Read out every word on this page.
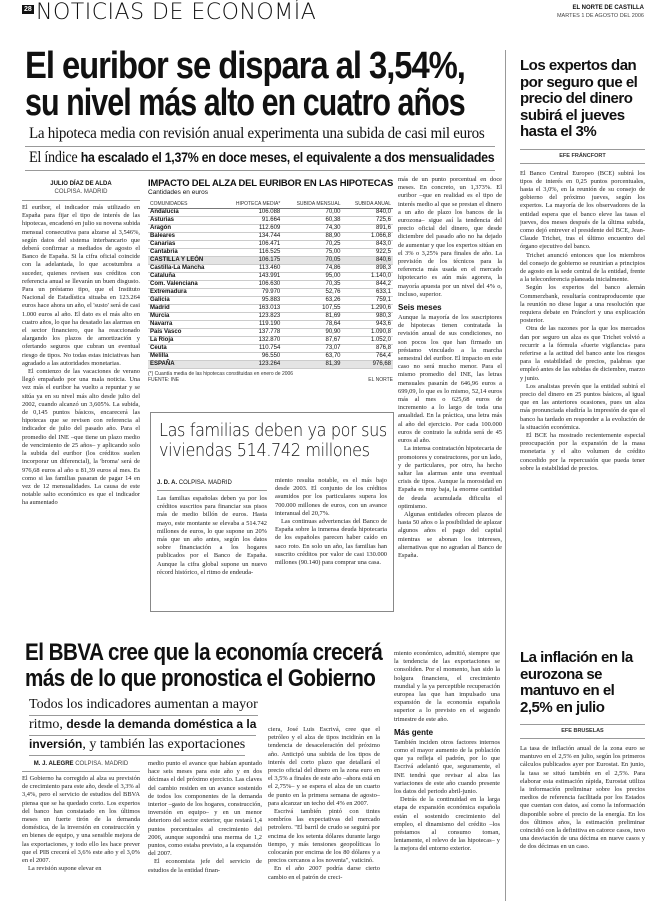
28 NOTICIAS DE ECONOMÍA	EL NORTE DE CASTILLA
MARTES 1 DE AGOSTO DEL 2006
El euribor se dispara al 3,54%,
su nivel más alto en cuatro años
La hipoteca media con revisión anual experimenta una subida de casi mil euros
El índice ha escalado el 1,37% en doce meses, el equivalente a dos mensualidades
JULIO DÍAZ DE ALDA
COLPISA. MADRID

El euribor, el indicador más utilizado en España para fijar el tipo de interés de las hipotecas, encadenó en julio su novena subida mensual consecutiva para alzarse al 3,546%, según datos del sistema interbancario que deberá confirmar a mediados de agosto el Banco de España. Si la cifra oficial coincide con la adelantada, lo que acostumbra a suceder, quienes revisen sus créditos con referencia anual se llevarán un buen disgusto. Para un préstamo tipo, que el Instituto Nacional de Estadística situaba en 123.264 euros hace ahora un año, el 'susto' será de casi 1.000 euros al año. El dato es el más alto en cuatro años, lo que ha desatado las alarmas en el sector financiero, que ha reaccionado alargando los plazos de amortización y ofertando seguros que cubran un eventual riesgo de tipos. No todas estas iniciativas han agradado a las autoridades monetarias.

El comienzo de las vacaciones de verano llegó empañado por una mala noticia. Una vez más el euribor ha vuelto a repuntar y se sitúa ya en su nivel más alto desde julio del 2002, cuando alcanzó un 3,605%. La subida, de 0,145 puntos básicos, encarecerá las hipotecas que se revisen con referencia al indicador de julio del pasado año. Para el promedio del INE –que tiene un plazo medio de vencimiento de 25 años– y aplicando solo la subida del euribor (los créditos suelen incorporar un diferencial), la 'broma' será de 976,68 euros al año u 81,39 euros al mes. Es como si las familias pasaran de pagar 14 en vez de 12 mensualidades. La causa de este notable salto económico es que el indicador ha aumentado

IMPACTO DEL ALZA DEL EURIBOR EN LAS HIPOTECAS
Cantidades en euros
COMUNIDADES	HIPOTECA MEDIA*	SUBIDA MENSUAL	SUBIDA ANUAL
Andalucía	106.088	70,00	840,0
Asturias	91.664	60,38	725,6
Aragón	112.609	74,30	891,6
Baleares	134.744	88,90	1.066,8
Canarias	106.471	70,25	843,0
Cantabria	116.525	75,00	922,5
CASTILLA Y LEÓN	106.175	70,05	840,6
Castilla-La Mancha	113.460	74,86	898,3
Cataluña	143.991	95,00	1.140,0
Com. Valenciana	106.630	70,35	844,2
Extremadura	79.970	52,76	633,1
Galicia	95.883	63,26	759,1
Madrid	163.013	107,55	1.290,6
Murcia	123.823	81,69	980,3
Navarra	119.190	78,64	943,6
País Vasco	137.778	90,90	1.090,8
La Rioja	132.870	87,67	1.052,0
Ceuta	110.754	73,07	876,8
Melilla	96.550	63,70	764,4
ESPAÑA	123.264	81,39	976,68
(*) Cuantía media de las hipotecas constituidas en enero de 2006
FUENTE: INE	EL NORTE

más de un punto porcentual en doce meses. En concreto, un 1,373%. El euribor –que en realidad es el tipo de interés medio al que se prestan el dinero a un año de plazo los bancos de la eurozona– sigue así la tendencia del precio oficial del dinero, que desde diciembre del pasado año no ha dejado de aumentar y que los expertos sitúan en el 3% o 3,25% para finales de año. La previsión de los técnicos para la referencia más usada en el mercado hipotecario es aún más agorera, la mayoría apuesta por un nivel del 4% o, incluso, superior.

Seis meses

Aunque la mayoría de los suscriptores de hipotecas tienen contratada la revisión anual de sus condiciones, no son pocos los que han firmado un préstamo vinculado a la marcha semestral del euribor. El impacto en este caso no será mucho menor. Para el mismo promedio del INE, las letras mensuales pasarán de 646,96 euros a 699,09, lo que es lo mismo, 52,14 euros más al mes o 625,68 euros de incremento a lo largo de toda una anualidad. En la práctica, una letra más al año del ejercicio. Por cada 100.000 euros de contrato la subida será de 45 euros al año.

La intensa contratación hipotecaria de promotores y constructores, por un lado, y de particulares, por otro, ha hecho saltar las alarmas ante una eventual crisis de tipos. Aunque la morosidad en España es muy baja, la enorme cantidad de deuda acumulada dificulta el optimismo.

Algunas entidades ofrecen plazos de hasta 50 años o la posibilidad de aplazar algunos años el pago del capital mientras se abonan los intereses, alternativas que no agradan al Banco de España.

Las familias deben ya por sus viviendas 514.742 millones
J. D. A. COLPISA. MADRID

Las familias españolas deben ya por los créditos suscritos para financiar sus pisos más de medio billón de euros. Hasta mayo, este montante se elevaba a 514.742 millones de euros, lo que supone un 20% más que un año antes, según los datos sobre financiación a los hogares publicados por el Banco de España. Aunque la cifra global supone un nuevo récord histórico, el ritmo de endeuda-

miento resulta notable, es el más bajo desde 2003. El conjunto de los créditos asumidos por los particulares supera los 700.000 millones de euros, con un avance interanual del 20,7%.

Las continuas advertencias del Banco de España sobre la inmensa deuda hipotecaria de los españoles parecen haber caído en saco roto. En solo un año, las familias han suscrito créditos por valor de casi 130.000 millones (90.140) para comprar una casa.

Los expertos dan por seguro que el precio del dinero subirá el jueves hasta el 3%
EFE FRÁNCFORT

El Banco Central Europeo (BCE) subirá los tipos de interés en 0,25 puntos porcentuales, hasta el 3,0%, en la reunión de su consejo de gobierno del próximo jueves, según los expertos. La mayoría de los observadores de la entidad espera que el banco eleve las tasas el jueves, dos meses después de la última subida, como dejó entrever el presidente del BCE, Jean-Claude Trichet, tras el último encuentro del órgano ejecutivo del banco.

Trichet anunció entonces que los miembros del consejo de gobierno se reunirían a principios de agosto en la sede central de la entidad, frente a la teleconferencia planeada inicialmente.

Según los expertos del banco alemán Commerzbank, resultaría contraproducente que la reunión no diese lugar a una resolución que requiera debate en Fráncfort y una explicación posterior.

Otra de las razones por la que los mercados dan por seguro un alza es que Trichet volvió a recurrir a la fórmula «fuerte vigilancia» para referirse a la actitud del banco ante los riesgos para la estabilidad de precios, palabras que empleó antes de las subidas de diciembre, marzo y junio.

Los analistas prevén que la entidad subirá el precio del dinero en 25 puntos básicos, al igual que en las anteriores ocasiones, pues un alza más pronunciada eludiría la impresión de que el banco ha tardado en responder a la evolución de la situación económica.

El BCE ha mostrado recientemente especial preocupación por la expansión de la masa monetaria y el alto volumen de crédito concedido por la repercusión que pueda tener sobre la estabilidad de precios.

El BBVA cree que la economía crecerá más de lo que pronostica el Gobierno
Todos los indicadores aumentan a mayor
ritmo, desde la demanda doméstica a la
inversión, y también las exportaciones
M. J. ALEGRE COLPISA. MADRID

El Gobierno ha corregido al alza su previsión de crecimiento para este año, desde el 3,3% al 3,4%, pero el servicio de estudios del BBVA piensa que se ha quedado corto. Los expertos del banco han constatado en los últimos meses un fuerte tirón de la demanda doméstica, de la inversión en construcción y en bienes de equipo, y una sensible mejora de las exportaciones, y todo ello les hace prever que el PIB crecerá el 3,6% este año y el 3,0% en el 2007.

La revisión supone elevar en

medio punto el avance que habían apuntado hace seis meses para este año y en dos décimas el del próximo ejercicio. Las claves del cambio residen en un avance sostenido de todos los componentes de la demanda interior –gasto de los hogares, construcción, inversión en equipo– y en un menor deterioro del sector exterior, que restará 1,4 puntos porcentuales al crecimiento del 2006, aunque supondrá una merma de 1,2 puntos, como estaba previsto, a la expansión del 2007.

El economista jefe del servicio de estudios de la entidad finan-

ciera, José Luis Escrivá, cree que el petróleo y el alza de tipos incidirán en la tendencia de desaceleración del próximo año. Anticipó una subida de los tipos de interés del corto plazo que detallará el precio oficial del dinero en la zona euro en el 3,5% a finales de este año –ahora está en el 2,75%– y se espera el alza de un cuarto de punto en la primera semana de agosto– para alcanzar un techo del 4% en 2007.

Escrivá también pintó con tintes sombríos las expectativas del mercado petrolero. "El barril de crudo se seguirá por encima de los setenta dólares durante largo tiempo, y más tensiones geopolíticas lo colocarán por encima de los 80 dólares y a precios cercanos a los noventa", vaticinó.

En el año 2007 podría darse cierto cambio en el patrón de creci-

miento económico, admitió, siempre que la tendencia de las exportaciones se consoliden. Por el momento, han sido la holgura financiera, el crecimiento mundial y la ya perceptible recuperación europea las que han impulsado una expansión de la economía española superior a lo previsto en el segundo trimestre de este año.

Más gente

También inciden otros factores internos como el mayor aumento de la población que ya refleja el padrón, por lo que Escrivá adelantó que, seguramente, el INE tendrá que revisar al alza las variaciones de este año cuando presente los datos del periodo abril-junio.

Detrás de la continuidad en la larga etapa de expansión económica española están el sostenido crecimiento del empleo, el dinamismo del crédito –los préstamos al consumo toman, lentamente, el relevo de las hipotecas– y la mejora del entorno exterior.

La inflación en la eurozona se mantuvo en el 2,5% en julio
EFE BRUSELAS

La tasa de inflación anual de la zona euro se mantuvo en el 2,5% en julio, según los primeros cálculos publicados ayer por Eurostat. En junio, la tasa se situó también en el 2,5%. Para elaborar esta estimación rápida, Eurostat utiliza la información preliminar sobre los precios medios de referencia facilitada por los Estados que cuentan con datos, así como la información disponible sobre el precio de la energía. En los dos últimos años, la estimación preliminar coincidió con la definitiva en catorce casos, tuvo una desviación de una décima en nueve casos y de dos décimas en un caso.
